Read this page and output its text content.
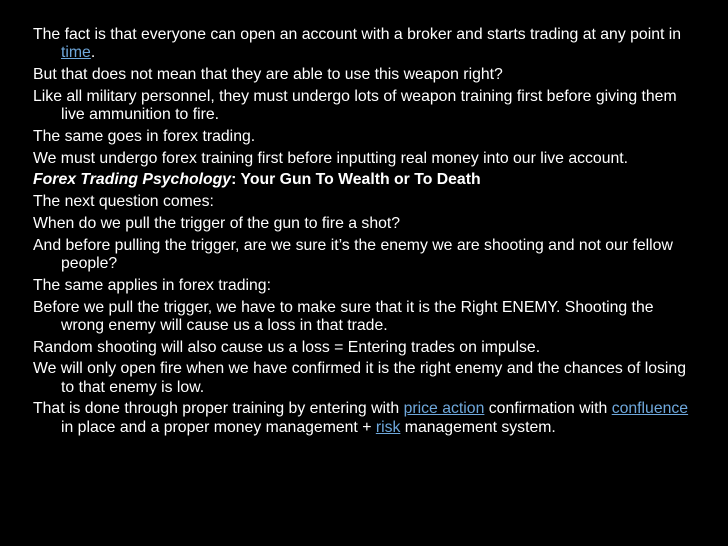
The fact is that everyone can open an account with a broker and starts trading at any point in time.

But that does not mean that they are able to use this weapon right?

Like all military personnel, they must undergo lots of weapon training first before giving them live ammunition to fire.

The same goes in forex trading.

We must undergo forex training first before inputting real money into our live account.

Forex Trading Psychology: Your Gun To Wealth or To Death

The next question comes:

When do we pull the trigger of the gun to fire a shot?

And before pulling the trigger, are we sure it’s the enemy we are shooting and not our fellow people?

The same applies in forex trading:

Before we pull the trigger, we have to make sure that it is the Right ENEMY. Shooting the wrong enemy will cause us a loss in that trade.

Random shooting will also cause us a loss = Entering trades on impulse.

We will only open fire when we have confirmed it is the right enemy and the chances of losing to that enemy is low.

That is done through proper training by entering with price action confirmation with confluence in place and a proper money management + risk management system.
